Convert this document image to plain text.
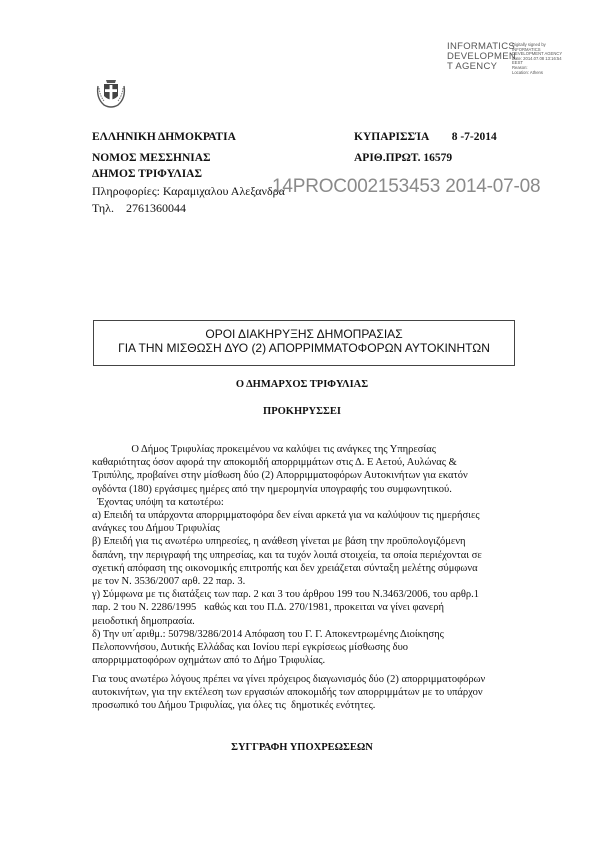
INFORMATICS
DEVELOPMEN
T AGENCY
Digitally signed by
INFORMATICS
DEVELOPMENT AGENCY
Date: 2014.07.08 13:16:54
EEST
Reason:
Location: Athens
ΕΛΛΗΝΙΚΗ ΔΗΜΟΚΡΑΤΙΑ	ΚΥΠΑΡΙΣΣΊΑ        8 -7-2014
ΝΟΜΟΣ ΜΕΣΣΗΝΙΑΣ	ΑΡΙΘ.ΠΡΩΤ. 16579
ΔΗΜΟΣ ΤΡΙΦΥΛΙΑΣ
Πληροφορίες: Καραμιχαλου Αλεξανδρα
Τηλ.    2761360044
14PROC002153453 2014-07-08
ΟΡΟΙ ΔΙΑΚΗΡΥΞΗΣ ΔΗΜΟΠΡΑΣΙΑΣ
ΓΙΑ ΤΗΝ ΜΙΣΘΩΣΗ ΔΥΟ (2) ΑΠΟΡΡΙΜΜΑΤΟΦΟΡΩΝ ΑΥΤΟΚΙΝΗΤΩΝ
Ο ΔΗΜΑΡΧΟΣ ΤΡΙΦΥΛΙΑΣ
ΠΡΟΚΗΡΥΣΣΕΙ
Ο Δήμος Τριφυλίας προκειμένου να καλύψει τις ανάγκες της Υπηρεσίας
καθαριότητας όσον αφορά την αποκομιδή απορριμμάτων στις Δ. Ε Αετού, Αυλώνας &
Τριπύλης, προβαίνει στην μίσθωση δύο (2) Απορριμματοφόρων Αυτοκινήτων για εκατόν
ογδόντα (180) εργάσιμες ημέρες από την ημερομηνία υπογραφής του συμφωνητικού.
Έχοντας υπόψη τα κατωτέρω:
α) Επειδή τα υπάρχοντα απορριμματοφόρα δεν είναι αρκετά για να καλύψουν τις ημερήσιες
ανάγκες του Δήμου Τριφυλίας
β) Επειδή για τις ανωτέρω υπηρεσίες, η ανάθεση γίνεται με βάση την προϋπολογιζόμενη
δαπάνη, την περιγραφή της υπηρεσίας, και τα τυχόν λοιπά στοιχεία, τα οποία περιέχονται σε
σχετική απόφαση της οικονομικής επιτροπής και δεν χρειάζεται σύνταξη μελέτης σύμφωνα
με τον Ν. 3536/2007 αρθ. 22 παρ. 3.
γ) Σύμφωνα με τις διατάξεις των παρ. 2 και 3 του άρθρου 199 του Ν.3463/2006, του αρθρ.1
παρ. 2 του Ν. 2286/1995   καθώς και του Π.Δ. 270/1981, προκειται να γίνει φανερή
μειοδοτική δημοπρασία.
δ) Την υπ΄αριθμ.: 50798/3286/2014 Απόφαση του Γ. Γ. Αποκεντρωμένης Διοίκησης
Πελοποννήσου, Δυτικής Ελλάδας και Ιονίου περί εγκρίσεως μίσθωσης δυο
απορριμματοφόρων οχημάτων από το Δήμο Τριφυλίας.
Για τους ανωτέρω λόγους πρέπει να γίνει πρόχειρος διαγωνισμός δύο (2) απορριμματοφόρων
αυτοκινήτων, για την εκτέλεση των εργασιών αποκομιδής των απορριμμάτων με το υπάρχον
προσωπικό του Δήμου Τριφυλίας, για όλες τις  δημοτικές ενότητες.
ΣΥΓΓΡΑΦΗ ΥΠΟΧΡΕΩΣΕΩΝ
